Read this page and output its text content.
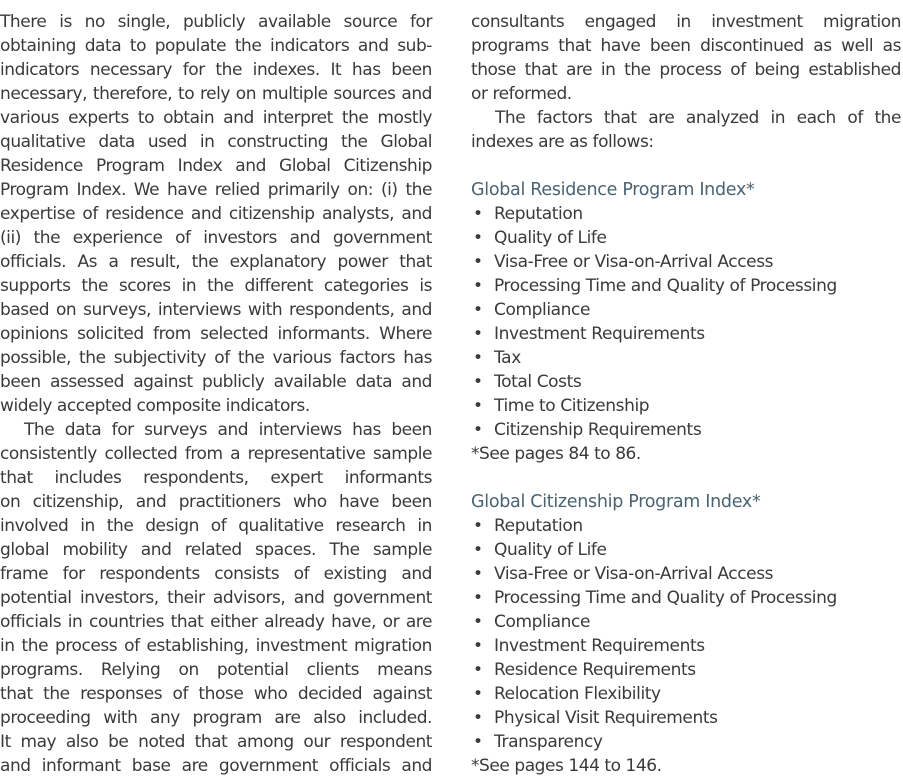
There is no single, publicly available source for
obtaining data to populate the indicators and sub-
indicators necessary for the indexes. It has been
necessary, therefore, to rely on multiple sources and
various experts to obtain and interpret the mostly
qualitative data used in constructing the Global
Residence Program Index and Global Citizenship
Program Index. We have relied primarily on: (i) the
expertise of residence and citizenship analysts, and
(ii) the experience of investors and government
officials. As a result, the explanatory power that
supports the scores in the different categories is
based on surveys, interviews with respondents, and
opinions solicited from selected informants. Where
possible, the subjectivity of the various factors has
been assessed against publicly available data and
widely accepted composite indicators.
The data for surveys and interviews has been
consistently collected from a representative sample
that includes respondents, expert informants
on citizenship, and practitioners who have been
involved in the design of qualitative research in
global mobility and related spaces. The sample
frame for respondents consists of existing and
potential investors, their advisors, and government
officials in countries that either already have, or are
in the process of establishing, investment migration
programs. Relying on potential clients means
that the responses of those who decided against
proceeding with any program are also included.
It may also be noted that among our respondent
and informant base are government officials and
consultants engaged in investment migration
programs that have been discontinued as well as
those that are in the process of being established
or reformed.
The factors that are analyzed in each of the
indexes are as follows:
Global Residence Program Index*
• Reputation
• Quality of Life
• Visa-Free or Visa-on-Arrival Access
• Processing Time and Quality of Processing
• Compliance
• Investment Requirements
• Tax
• Total Costs
• Time to Citizenship
• Citizenship Requirements
*See pages 84 to 86.
Global Citizenship Program Index*
• Reputation
• Quality of Life
• Visa-Free or Visa-on-Arrival Access
• Processing Time and Quality of Processing
• Compliance
• Investment Requirements
• Residence Requirements
• Relocation Flexibility
• Physical Visit Requirements
• Transparency
*See pages 144 to 146.
